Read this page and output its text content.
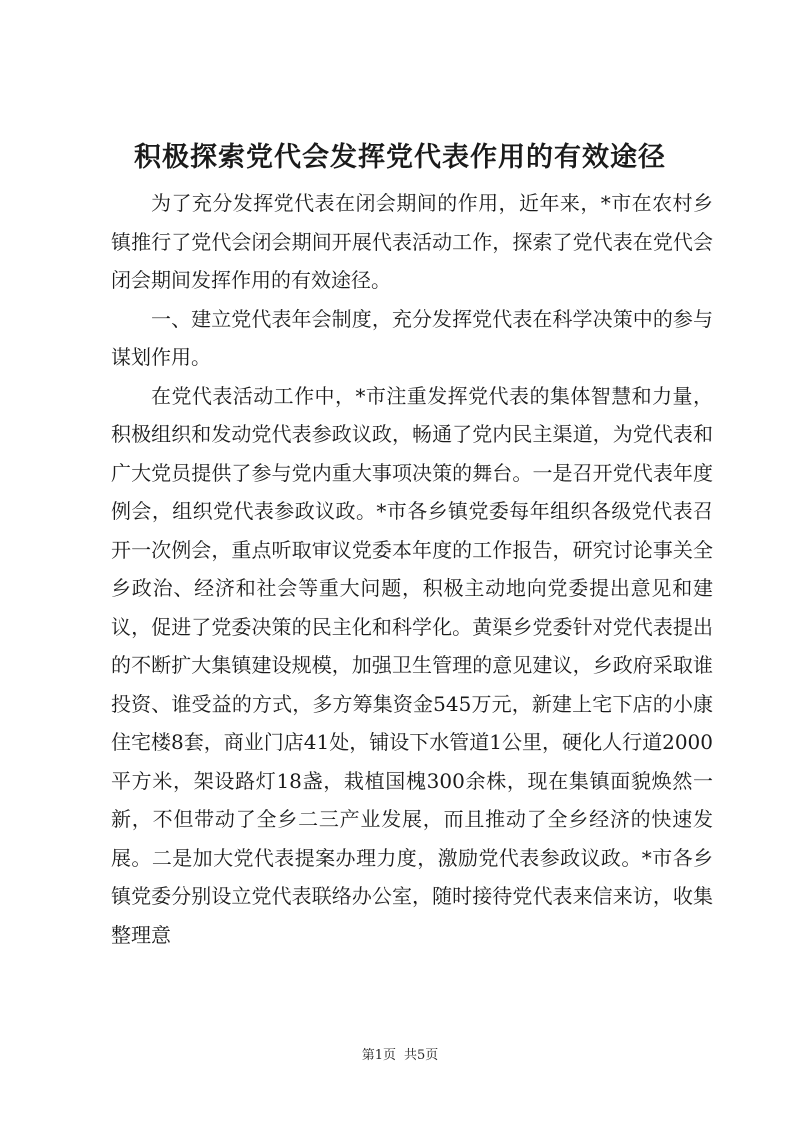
积极探索党代会发挥党代表作用的有效途径

为了充分发挥党代表在闭会期间的作用，近年来，*市在农村乡镇推行了党代会闭会期间开展代表活动工作，探索了党代表在党代会闭会期间发挥作用的有效途径。

一、建立党代表年会制度，充分发挥党代表在科学决策中的参与谋划作用。

在党代表活动工作中，*市注重发挥党代表的集体智慧和力量，积极组织和发动党代表参政议政，畅通了党内民主渠道，为党代表和广大党员提供了参与党内重大事项决策的舞台。一是召开党代表年度例会，组织党代表参政议政。*市各乡镇党委每年组织各级党代表召开一次例会，重点听取审议党委本年度的工作报告，研究讨论事关全乡政治、经济和社会等重大问题，积极主动地向党委提出意见和建议，促进了党委决策的民主化和科学化。黄渠乡党委针对党代表提出的不断扩大集镇建设规模，加强卫生管理的意见建议，乡政府采取谁投资、谁受益的方式，多方筹集资金545万元，新建上宅下店的小康住宅楼8套，商业门店41处，铺设下水管道1公里，硬化人行道2000平方米，架设路灯18盏，栽植国槐300余株，现在集镇面貌焕然一新，不但带动了全乡二三产业发展，而且推动了全乡经济的快速发展。二是加大党代表提案办理力度，激励党代表参政议政。*市各乡镇党委分别设立党代表联络办公室，随时接待党代表来信来访，收集整理意

第1页 共5页
